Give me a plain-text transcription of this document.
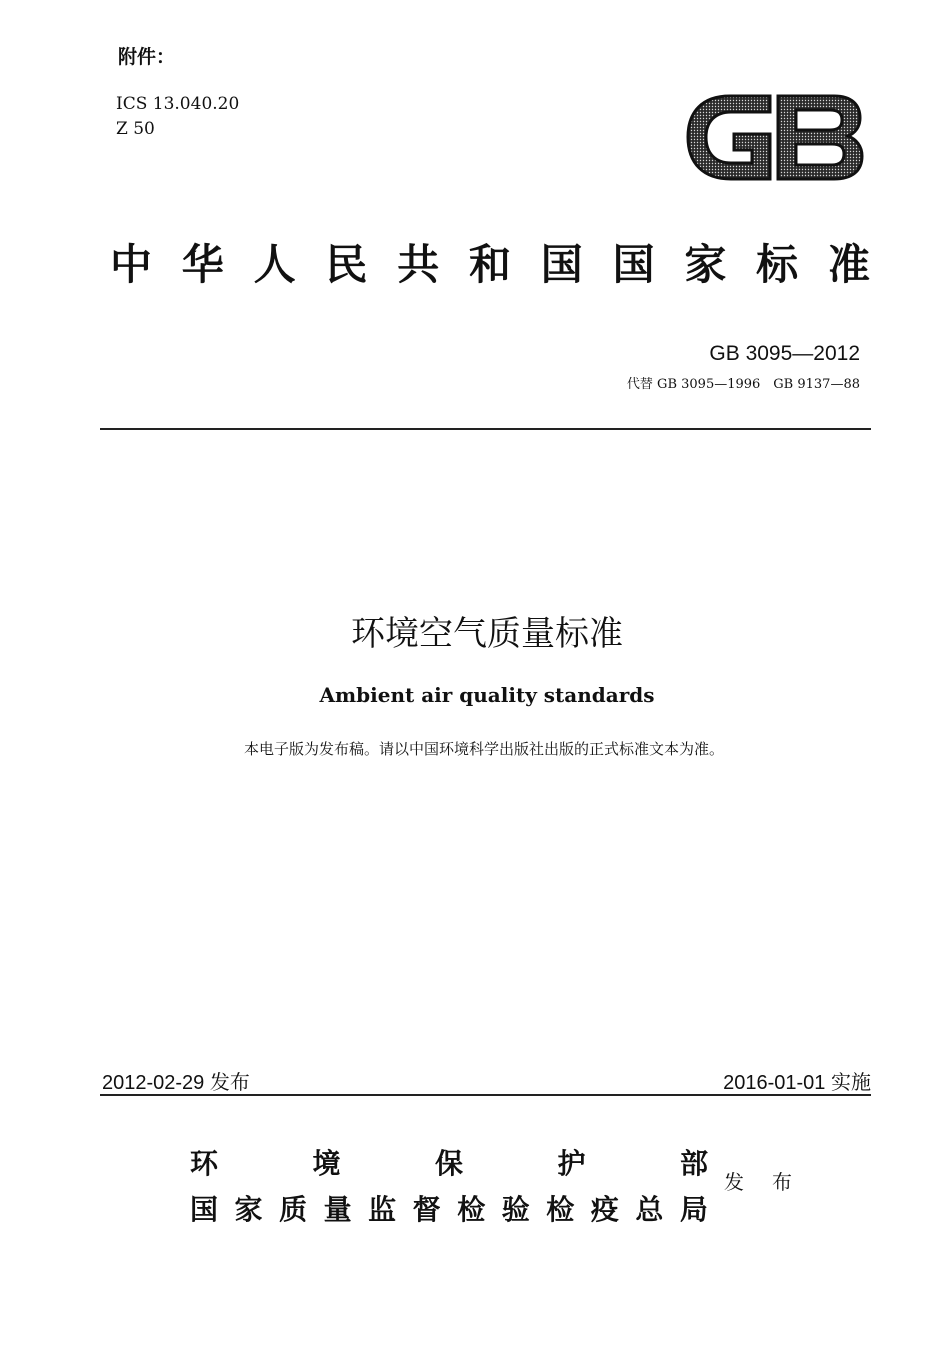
附件：
ICS 13.040.20
Z 50
GB
中 华 人 民 共 和 国 国 家 标 准
GB 3095—2012
代替 GB 3095—1996　GB 9137—88
环境空气质量标准
Ambient air quality standards
本电子版为发布稿。请以中国环境科学出版社出版的正式标准文本为准。
2012-02-29 发布	2016-01-01 实施
环	境	保	护	部
国 家 质 量 监 督 检 验 检 疫 总 局
发 布
